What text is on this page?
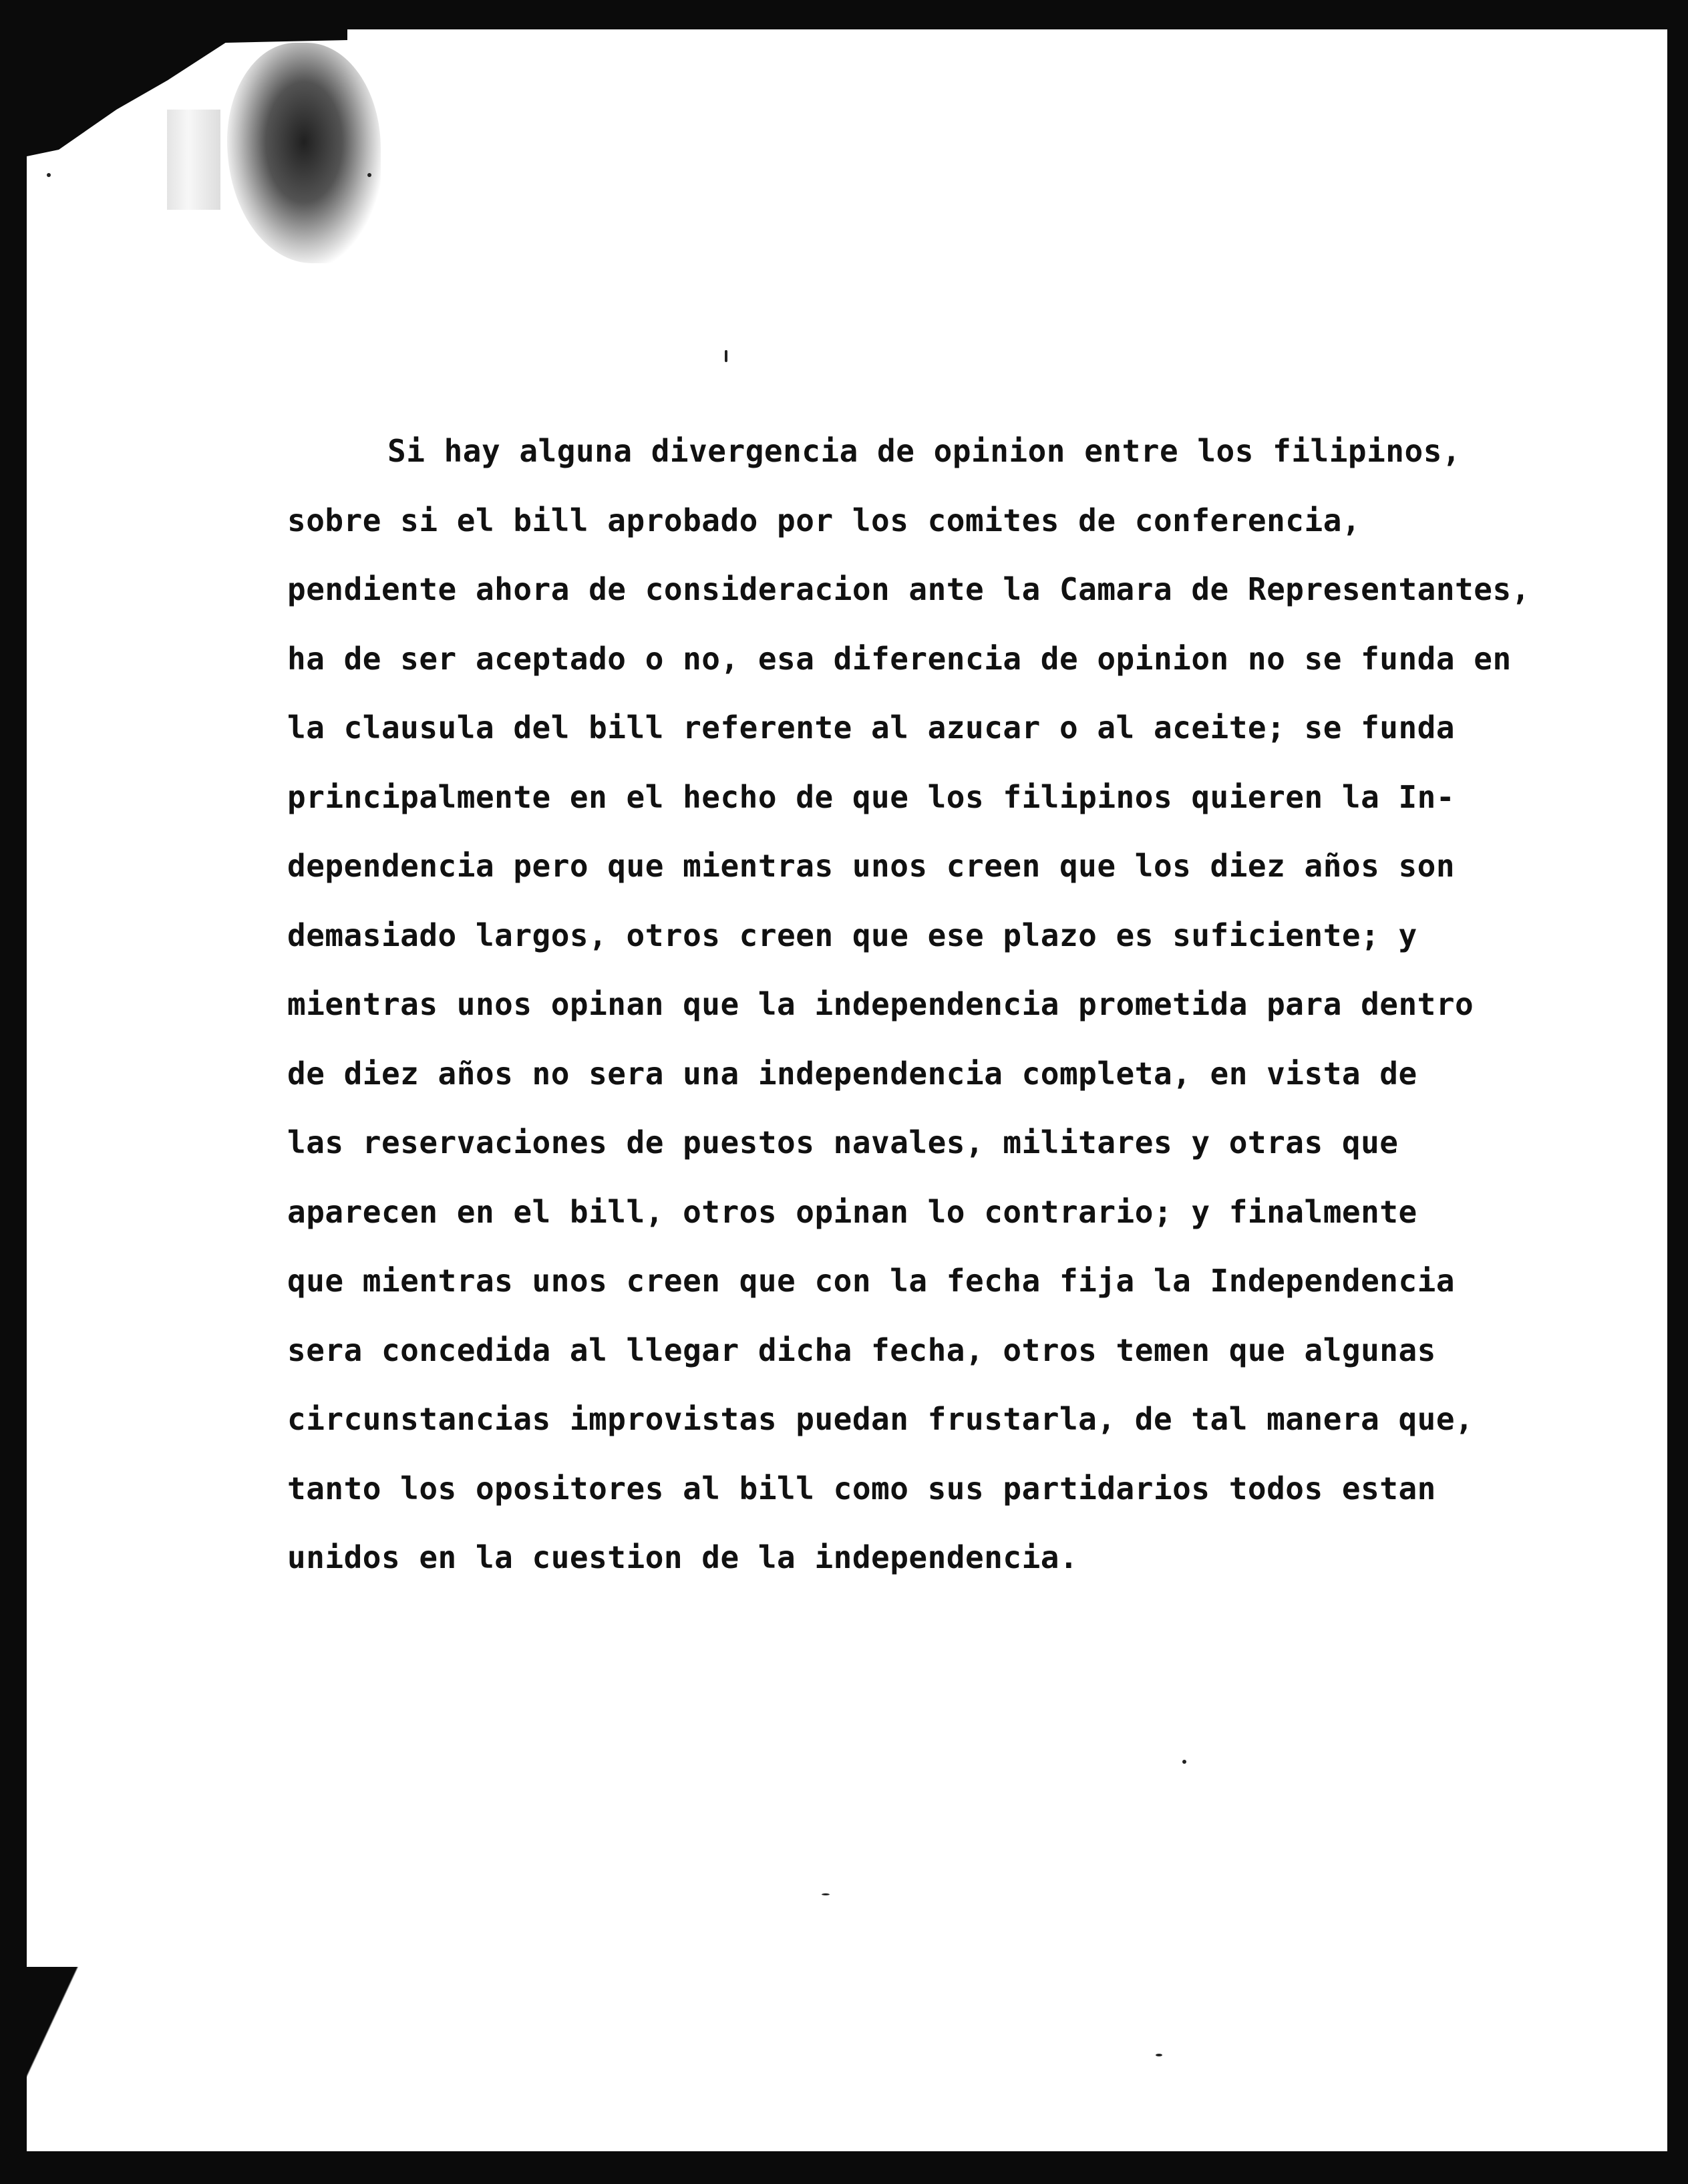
Si hay alguna divergencia de opinion entre los filipinos,
sobre si el bill aprobado por los comites de conferencia,
pendiente ahora de consideracion ante la Camara de Representantes,
ha de ser aceptado o no, esa diferencia de opinion no se funda en
la clausula del bill referente al azucar o al aceite; se funda
principalmente en el hecho de que los filipinos quieren la In-
dependencia pero que mientras unos creen que los diez años son
demasiado largos, otros creen que ese plazo es suficiente; y
mientras unos opinan que la independencia prometida para dentro
de diez años no sera una independencia completa, en vista de
las reservaciones de puestos navales, militares y otras que
aparecen en el bill, otros opinan lo contrario; y finalmente
que mientras unos creen que con la fecha fija la Independencia
sera concedida al llegar dicha fecha, otros temen que algunas
circunstancias improvistas puedan frustarla, de tal manera que,
tanto los opositores al bill como sus partidarios todos estan
unidos en la cuestion de la independencia.
